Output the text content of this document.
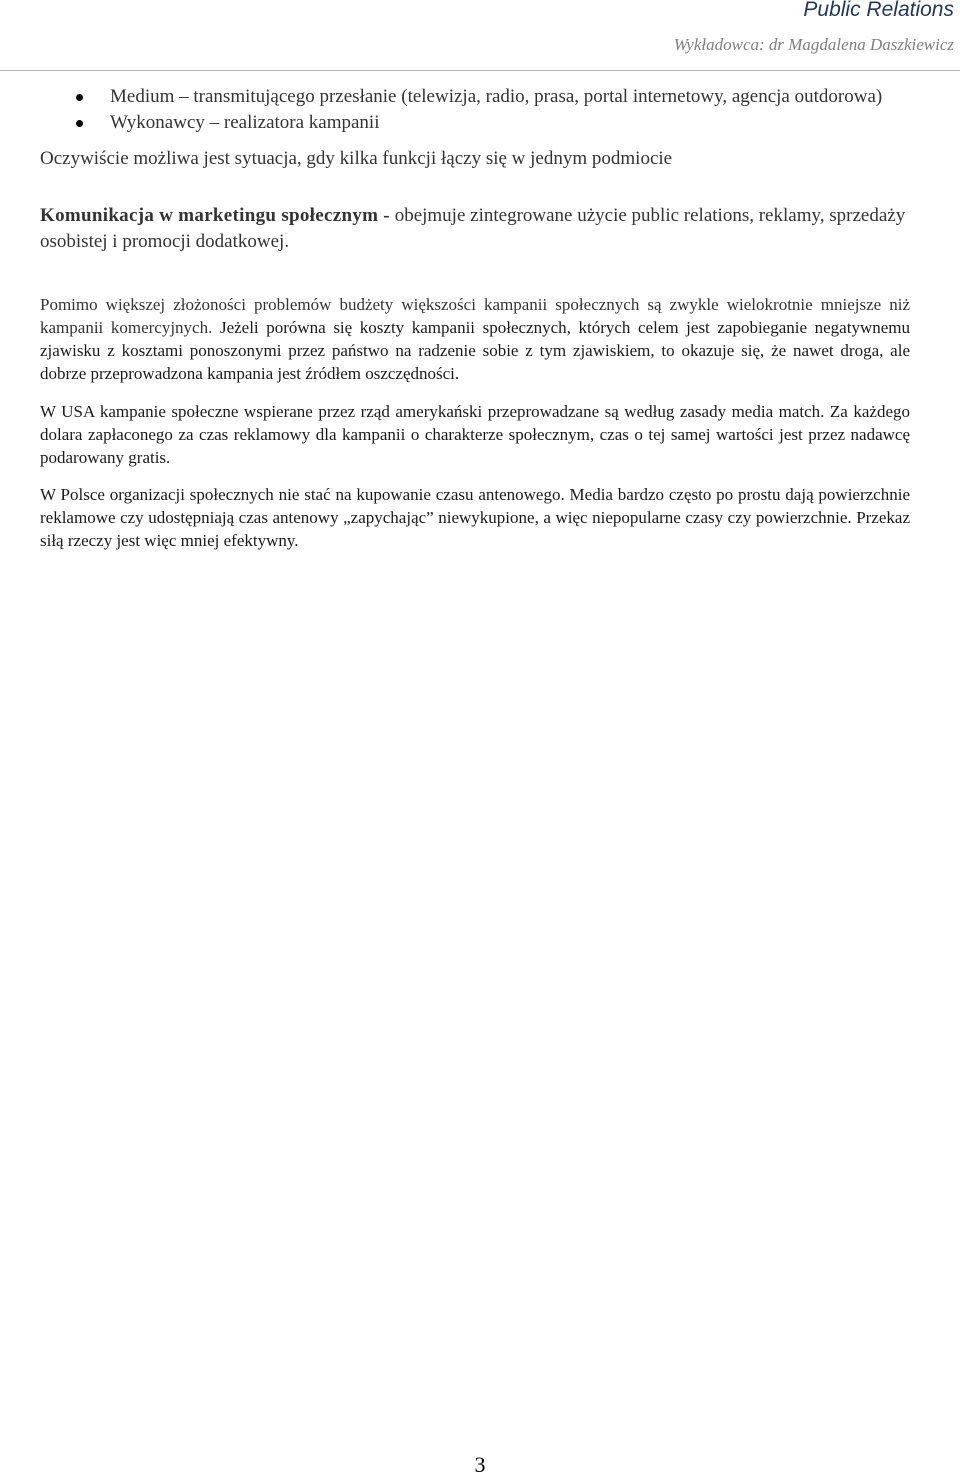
Public Relations
Wykładowca: dr Magdalena Daszkiewicz
Medium – transmitującego przesłanie (telewizja, radio, prasa, portal internetowy, agencja outdorowa)
Wykonawcy – realizatora kampanii

Oczywiście możliwa jest sytuacja, gdy kilka funkcji łączy się w jednym podmiocie

Komunikacja w marketingu społecznym - obejmuje zintegrowane użycie public relations, reklamy, sprzedaży osobistej i promocji dodatkowej.

Pomimo większej złożoności problemów budżety większości kampanii społecznych są zwykle wielokrotnie mniejsze niż kampanii komercyjnych. Jeżeli porówna się koszty kampanii społecznych, których celem jest zapobieganie negatywnemu zjawisku z kosztami ponoszonymi przez państwo na radzenie sobie z tym zjawiskiem, to okazuje się, że nawet droga, ale dobrze przeprowadzona kampania jest źródłem oszczędności.

W USA kampanie społeczne wspierane przez rząd amerykański przeprowadzane są według zasady media match. Za każdego dolara zapłaconego za czas reklamowy dla kampanii o charakterze społecznym, czas o tej samej wartości jest przez nadawcę podarowany gratis.

W Polsce organizacji społecznych nie stać na kupowanie czasu antenowego. Media bardzo często po prostu dają powierzchnie reklamowe czy udostępniają czas antenowy „zapychając” niewykupione, a więc niepopularne czasy czy powierzchnie. Przekaz siłą rzeczy jest więc mniej efektywny.

3
